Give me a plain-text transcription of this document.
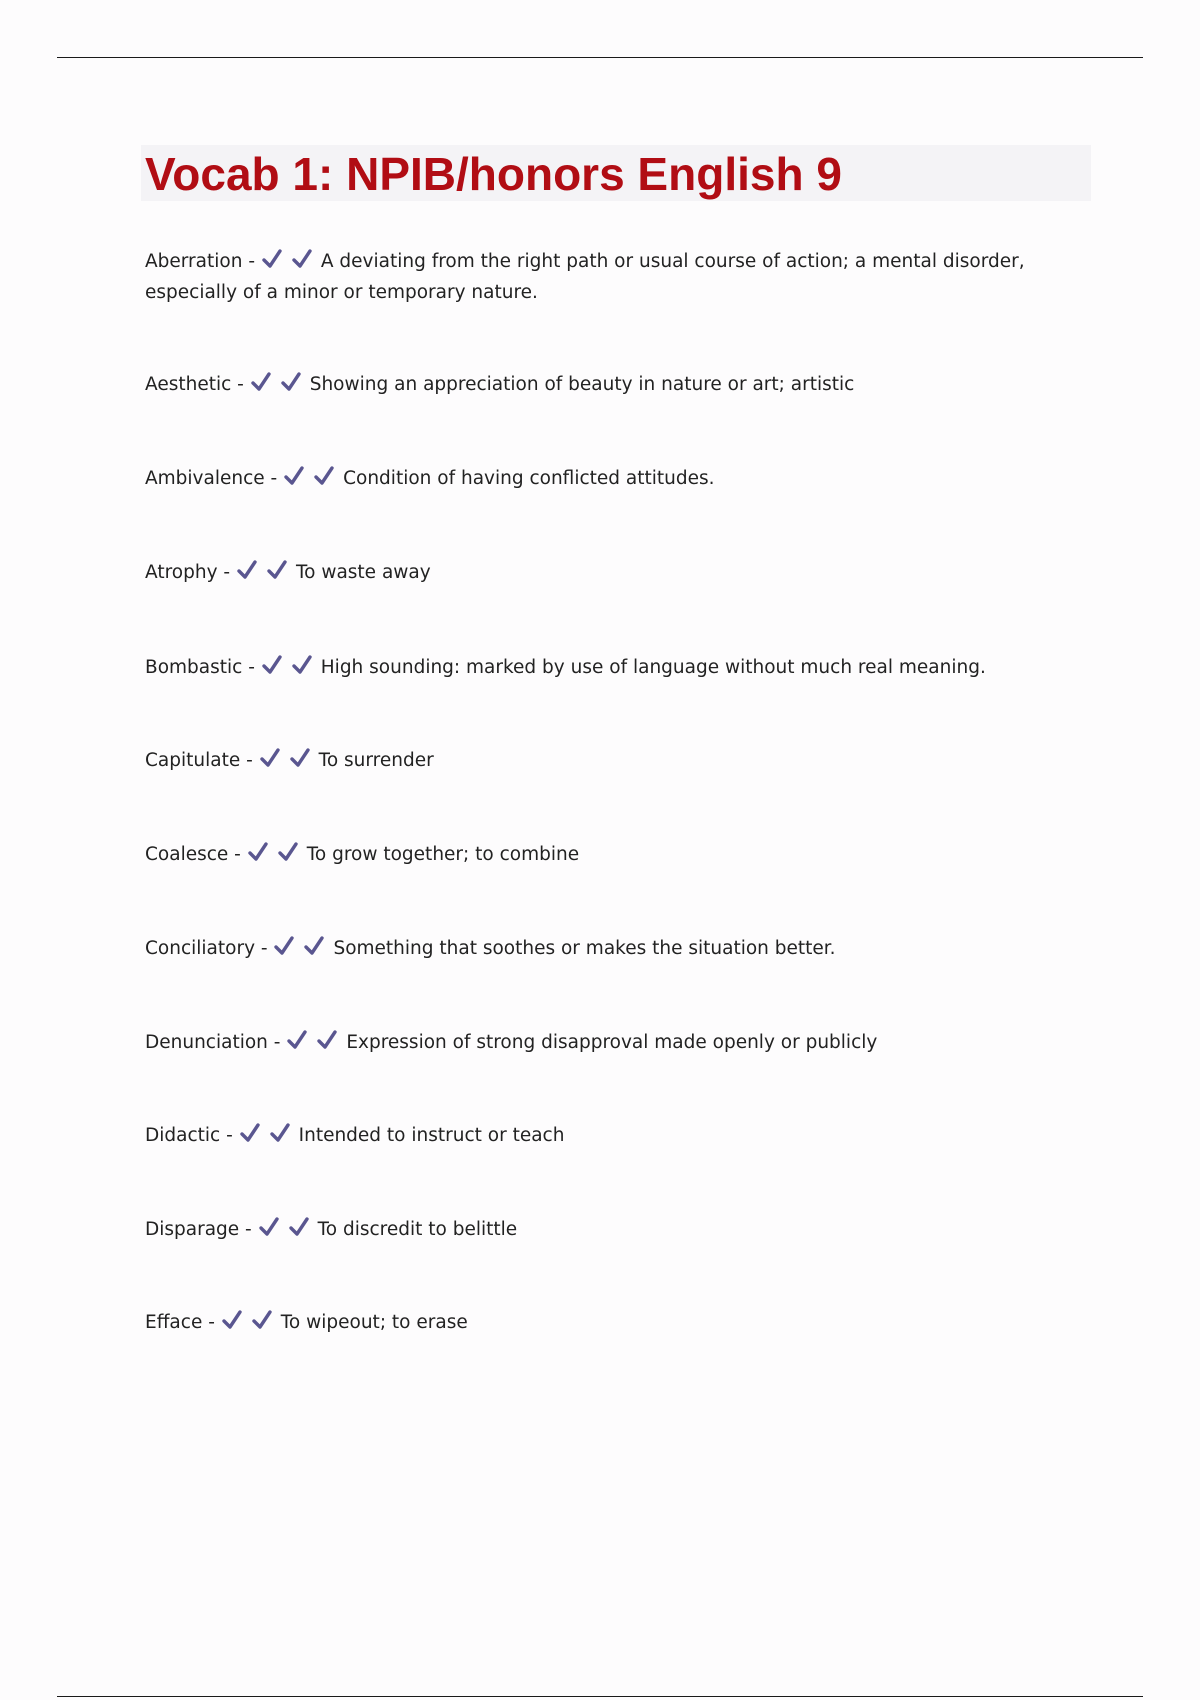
Vocab 1: NPIB/honors English 9
Aberration -	A deviating from the right path or usual course of action; a mental disorder, especially of a minor or temporary nature.
Aesthetic -	Showing an appreciation of beauty in nature or art; artistic
Ambivalence -	Condition of having conflicted attitudes.
Atrophy -	To waste away
Bombastic -	High sounding: marked by use of language without much real meaning.
Capitulate -	To surrender
Coalesce -	To grow together; to combine
Conciliatory -	Something that soothes or makes the situation better.
Denunciation -	Expression of strong disapproval made openly or publicly
Didactic -	Intended to instruct or teach
Disparage -	To discredit to belittle
Efface -	To wipeout; to erase
